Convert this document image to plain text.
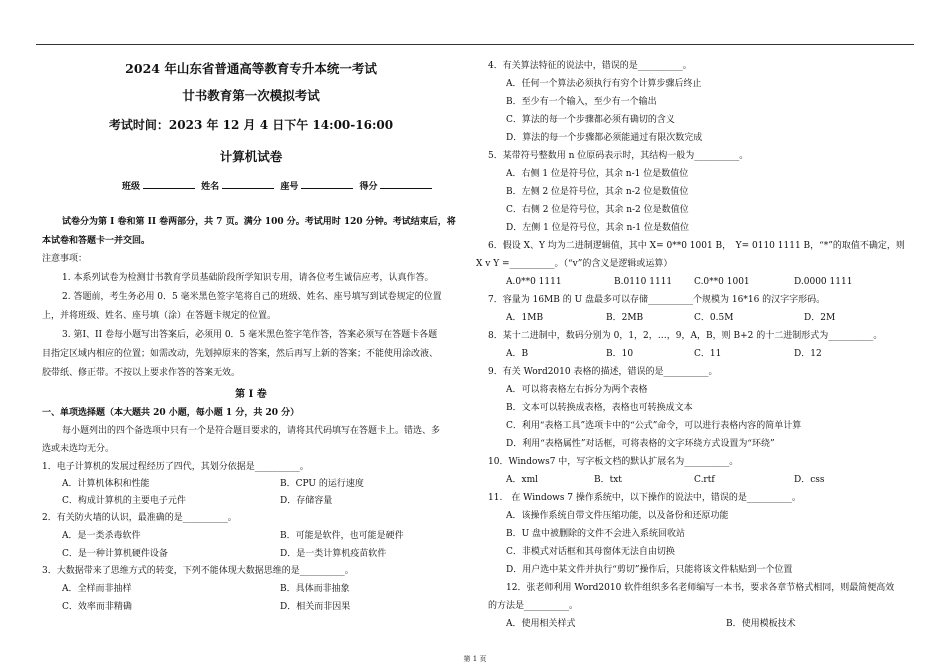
2024 年山东省普通高等教育专升本统一考试
廿书教育第一次模拟考试
考试时间：2023 年 12 月 4 日下午 14:00-16:00
计算机试卷
班级	姓名	座号	得分
试卷分为第 I 卷和第 II 卷两部分，共 7 页。满分 100 分。考试用时 120 分钟。考试结束后，将
本试卷和答题卡一并交回。
注意事项：
1. 本系列试卷为检测廿书教育学员基础阶段所学知识专用，请各位考生诚信应考，认真作答。
2. 答题前，考生务必用 0．5 毫米黑色签字笔将自己的班级、姓名、座号填写到试卷规定的位置
上，并将班级、姓名、座号填（涂）在答题卡规定的位置。
3. 第Ⅰ、II 卷每小题写出答案后，必须用 0．5 毫米黑色签字笔作答，答案必须写在答题卡各题
目指定区域内相应的位置；如需改动，先划掉原来的答案，然后再写上新的答案；不能使用涂改液、
胶带纸、修正带。不按以上要求作答的答案无效。
第 I 卷
一、单项选择题（本大题共 20 小题，每小题 1 分，共 20 分）
每小题列出的四个备选项中只有一个是符合题目要求的，请将其代码填写在答题卡上。错选、多
选或未选均无分。
1．电子计算机的发展过程经历了四代，其划分依据是__________。
A．计算机体积和性能	B．CPU 的运行速度
C．构成计算机的主要电子元件	D．存储容量
2．有关防火墙的认识，最准确的是__________。
A．是一类杀毒软件	B．可能是软件，也可能是硬件
C．是一种计算机硬件设备	D．是一类计算机疫苗软件
3．大数据带来了思维方式的转变，下列不能体现大数据思维的是__________。
A．全样而非抽样	B．具体而非抽象
C．效率而非精确	D．相关而非因果
4．有关算法特征的说法中，错误的是__________。
A．任何一个算法必须执行有穷个计算步骤后终止
B．至少有一个输入，至少有一个输出
C．算法的每一个步骤都必须有确切的含义
D．算法的每一个步骤都必须能通过有限次数完成
5．某带符号整数用 n 位原码表示时，其结构一般为__________。
A．右侧 1 位是符号位，其余 n-1 位是数值位
B．左侧 2 位是符号位，其余 n-2 位是数值位
C．右侧 2 位是符号位，其余 n-2 位是数值位
D．左侧 1 位是符号位，其余 n-1 位是数值位
6．假设 X、Y 均为二进制逻辑值，其中 X= 0**0 1001 B，　Y= 0110 1111 B，“*”的取值不确定，则
X v Y =__________。（“v”的含义是逻辑或运算）
A.0**0 1111	B.0110 1111 C.0**0 1001	D.0000 1111
7．容量为 16MB 的 U 盘最多可以存储__________个规模为 16*16 的汉字字形码。
A．1MB	B．2MB	C．0.5M	D．2M
8．某十二进制中，数码分别为 0，1，2，…，9，A，B，则 B+2 的十二进制形式为__________。
A．B	B．10	C．11	D．12
9．有关 Word2010 表格的描述，错误的是__________。
A．可以将表格左右拆分为两个表格
B．文本可以转换成表格，表格也可转换成文本
C．利用“表格工具”选项卡中的“公式”命令，可以进行表格内容的简单计算
D．利用“表格属性”对话框，可将表格的文字环绕方式设置为“环绕”
10．Windows7 中，写字板文档的默认扩展名为__________。
A．xml	B．txt	C.rtf	D．css
11.　在 Windows 7 操作系统中，以下操作的说法中，错误的是__________。
A．该操作系统自带文件压缩功能，以及备份和还原功能
B．U 盘中被删除的文件不会进入系统回收站
C．非模式对话框和其母窗体无法自由切换
D．用户选中某文件并执行“剪切”操作后，只能将该文件粘贴到一个位置
12．张老师利用 Word2010 软件组织多名老师编写一本书，要求各章节格式相同，则最简便高效
的方法是__________。
A．使用相关样式	B．使用模板技术
第 1 页
